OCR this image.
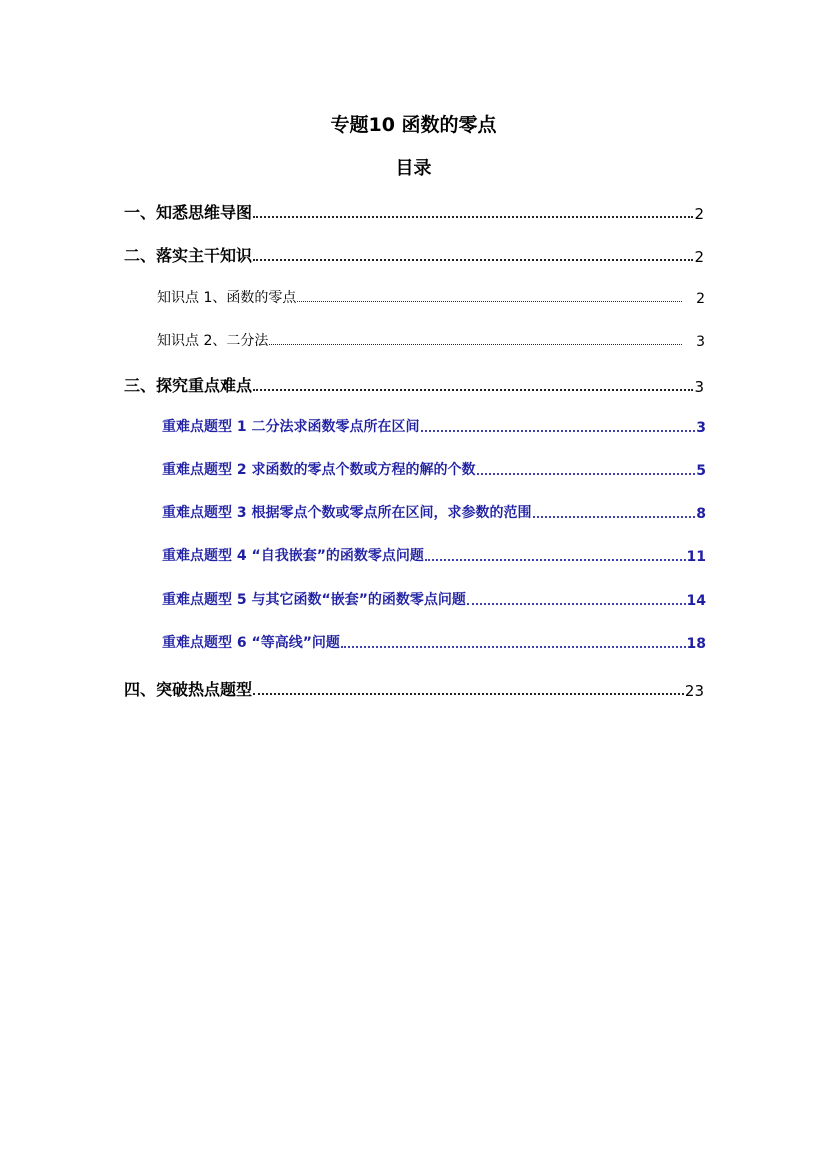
专题10 函数的零点
目录
一、知悉思维导图	2
二、落实主干知识	2
知识点 1、函数的零点	2
知识点 2、二分法	3
三、探究重点难点	3
重难点题型 1 二分法求函数零点所在区间	3
重难点题型 2 求函数的零点个数或方程的解的个数	5
重难点题型 3 根据零点个数或零点所在区间，求参数的范围	8
重难点题型 4 “自我嵌套”的函数零点问题	11
重难点题型 5 与其它函数“嵌套”的函数零点问题	14
重难点题型 6 “等高线”问题	18
四、突破热点题型	23
